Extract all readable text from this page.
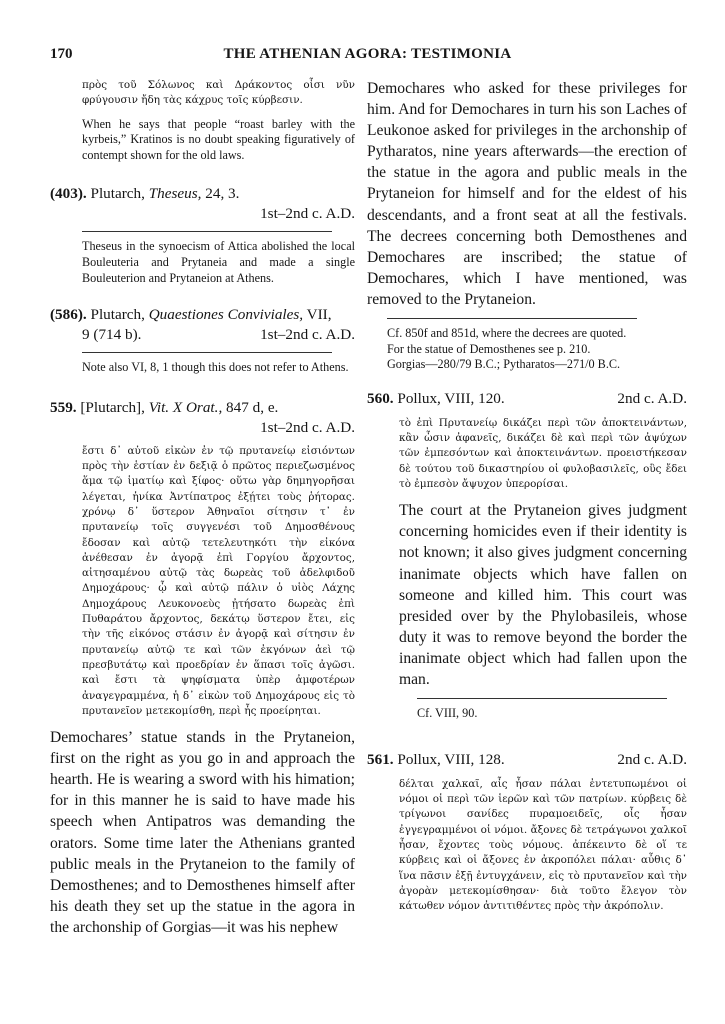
170	THE ATHENIAN AGORA: TESTIMONIA

πρὸς τοῦ Σόλωνος καὶ Δράκοντος οἷσι νῦν φρύγουσιν ἤδη τὰς κάχρυς τοῖς κύρβεσιν.

When he says that people “roast barley with the kyrbeis,” Kratinos is no doubt speaking figuratively of contempt shown for the old laws.

(403). Plutarch, Theseus, 24, 3.
1st–2nd c. A.D.

Theseus in the synoecism of Attica abolished the local Bouleuteria and Prytaneia and made a single Bouleuterion and Prytaneion at Athens.

(586). Plutarch, Quaestiones Conviviales, VII,
9 (714 b).	1st–2nd c. A.D.

Note also VI, 8, 1 though this does not refer to Athens.

559. [Plutarch], Vit. X Orat., 847 d, e.
1st–2nd c. A.D.

ἔστι δ᾽ αὐτοῦ εἰκὼν ἐν τῷ πρυτανείῳ εἰσιόντων πρὸς τὴν ἑστίαν ἐν δεξιᾷ ὁ πρῶτος περιεζωσμένος ἅμα τῷ ἱματίῳ καὶ ξίφος· οὕτω γὰρ δημηγορῆσαι λέγεται, ἡνίκα Ἀντίπατρος ἐξῄτει τοὺς ῥήτορας. χρόνῳ δ᾽ ὕστερον Ἀθηναῖοι σίτησιν τ᾽ ἐν πρυτανείῳ τοῖς συγγενέσι τοῦ Δημοσθένους ἔδοσαν καὶ αὐτῷ τετελευτηκότι τὴν εἰκόνα ἀνέθεσαν ἐν ἀγορᾷ ἐπὶ Γοργίου ἄρχοντος, αἰτησαμένου αὐτῷ τὰς δωρεὰς τοῦ ἀδελφιδοῦ Δημοχάρους· ᾧ καὶ αὐτῷ πάλιν ὁ υἱὸς Λάχης Δημοχάρους Λευκονοεὺς ᾐτήσατο δωρεὰς ἐπὶ Πυθαράτου ἄρχοντος, δεκάτῳ ὕστερον ἔτει, εἰς τὴν τῆς εἰκόνος στάσιν ἐν ἀγορᾷ καὶ σίτησιν ἐν πρυτανείῳ αὐτῷ τε καὶ τῶν ἐκγόνων ἀεὶ τῷ πρεσβυτάτῳ καὶ προεδρίαν ἐν ἅπασι τοῖς ἀγῶσι. καὶ ἔστι τὰ ψηφίσματα ὑπὲρ ἀμφοτέρων ἀναγεγραμμένα, ἡ δ᾽ εἰκὼν τοῦ Δημοχάρους εἰς τὸ πρυτανεῖον μετεκομίσθη, περὶ ἧς προείρηται.

Demochares’ statue stands in the Prytaneion, first on the right as you go in and approach the hearth. He is wearing a sword with his himation; for in this manner he is said to have made his speech when Antipatros was demanding the orators. Some time later the Athenians granted public meals in the Prytaneion to the family of Demosthenes; and to Demosthenes himself after his death they set up the statue in the agora in the archonship of Gorgias—it was his nephew

Demochares who asked for these privileges for him. And for Demochares in turn his son Laches of Leukonoe asked for privileges in the archonship of Pytharatos, nine years afterwards—the erection of the statue in the agora and public meals in the Prytaneion for himself and for the eldest of his descendants, and a front seat at all the festivals. The decrees concerning both Demosthenes and Demochares are inscribed; the statue of Demochares, which I have mentioned, was removed to the Prytaneion.

Cf. 850f and 851d, where the decrees are quoted.

For the statue of Demosthenes see p. 210.

Gorgias—280/79 B.C.; Pytharatos—271/0 B.C.

560. Pollux, VIII, 120.	2nd c. A.D.

τὸ ἐπὶ Πρυτανείῳ δικάζει περὶ τῶν ἀποκτεινάντων, κἂν ὦσιν ἀφανεῖς, δικάζει δὲ καὶ περὶ τῶν ἀψύχων τῶν ἐμπεσόντων καὶ ἀποκτεινάντων. προειστήκεσαν δὲ τούτου τοῦ δικαστηρίου οἱ φυλοβασιλεῖς, οὓς ἔδει τὸ ἐμπεσὸν ἄψυχον ὑπερορίσαι.

The court at the Prytaneion gives judgment concerning homicides even if their identity is not known; it also gives judgment concerning inanimate objects which have fallen on someone and killed him. This court was presided over by the Phylobasileis, whose duty it was to remove beyond the border the inanimate object which had fallen upon the man.

Cf. VIII, 90.

561. Pollux, VIII, 128.	2nd c. A.D.

δέλται χαλκαῖ, αἷς ἦσαν πάλαι ἐντετυπωμένοι οἱ νόμοι οἱ περὶ τῶν ἱερῶν καὶ τῶν πατρίων. κύρβεις δὲ τρίγωνοι σανίδες πυραμοειδεῖς, οἷς ἦσαν ἐγγεγραμμένοι οἱ νόμοι. ἄξονες δὲ τετράγωνοι χαλκοῖ ἦσαν, ἔχοντες τοὺς νόμους. ἀπέκειντο δὲ οἵ τε κύρβεις καὶ οἱ ἄξονες ἐν ἀκροπόλει πάλαι· αὖθις δ᾽ ἵνα πᾶσιν ἐξῇ ἐντυγχάνειν, εἰς τὸ πρυτανεῖον καὶ τὴν ἀγορὰν μετεκομίσθησαν· διὰ τοῦτο ἔλεγον τὸν κάτωθεν νόμον ἀντιτιθέντες πρὸς τὴν ἀκρόπολιν.
